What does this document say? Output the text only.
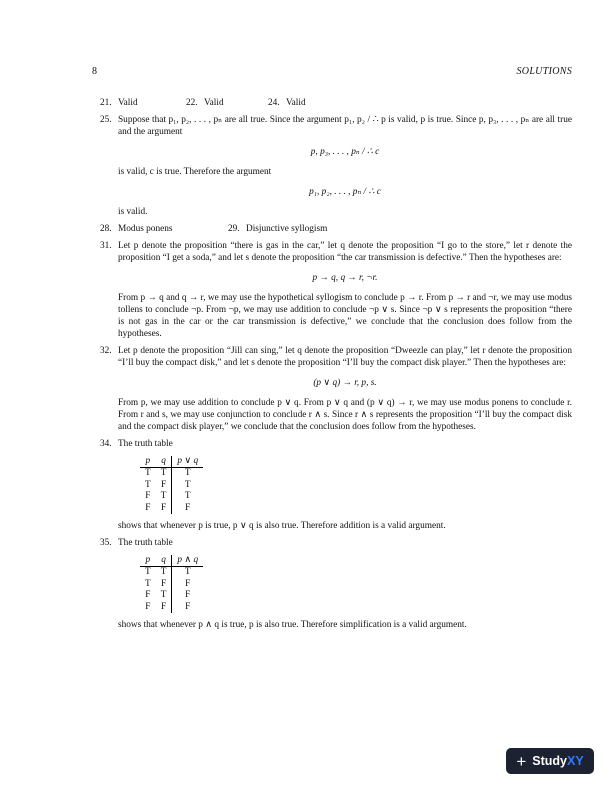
8	SOLUTIONS
21. Valid	22. Valid	24. Valid
25. Suppose that p₁, p₂, . . . , pₙ are all true. Since the argument p₁, p₂ / ∴ p is valid, p is true. Since p, p₃, . . . , pₙ are all true and the argument

p, p₃, . . . , pₙ / ∴ c

is valid, c is true. Therefore the argument

p₁, p₂, . . . , pₙ / ∴ c

is valid.

28. Modus ponens	29. Disjunctive syllogism
31. Let p denote the proposition “there is gas in the car,” let q denote the proposition “I go to the store,” let r denote the proposition “I get a soda,” and let s denote the proposition “the car transmission is defective.” Then the hypotheses are:

p → q, q → r, ¬r.

From p → q and q → r, we may use the hypothetical syllogism to conclude p → r. From p → r and ¬r, we may use modus tollens to conclude ¬p. From ¬p, we may use addition to conclude ¬p ∨ s. Since ¬p ∨ s represents the proposition “there is not gas in the car or the car transmission is defective,” we conclude that the conclusion does follow from the hypotheses.

32. Let p denote the proposition “Jill can sing,” let q denote the proposition “Dweezle can play,” let r denote the proposition “I’ll buy the compact disk,” and let s denote the proposition “I’ll buy the compact disk player.” Then the hypotheses are:

(p ∨ q) → r, p, s.

From p, we may use addition to conclude p ∨ q. From p ∨ q and (p ∨ q) → r, we may use modus ponens to conclude r. From r and s, we may use conjunction to conclude r ∧ s. Since r ∧ s represents the proposition “I’ll buy the compact disk and the compact disk player,” we conclude that the conclusion does follow from the hypotheses.

34. The truth table

p	q	p ∨ q
T	T	T
T	F	T
F	T	T
F	F	F

shows that whenever p is true, p ∨ q is also true. Therefore addition is a valid argument.

35. The truth table

p	q	p ∧ q
T	T	T
T	F	F
F	T	F
F	F	F

shows that whenever p ∧ q is true, p is also true. Therefore simplification is a valid argument.

+ StudyXY
